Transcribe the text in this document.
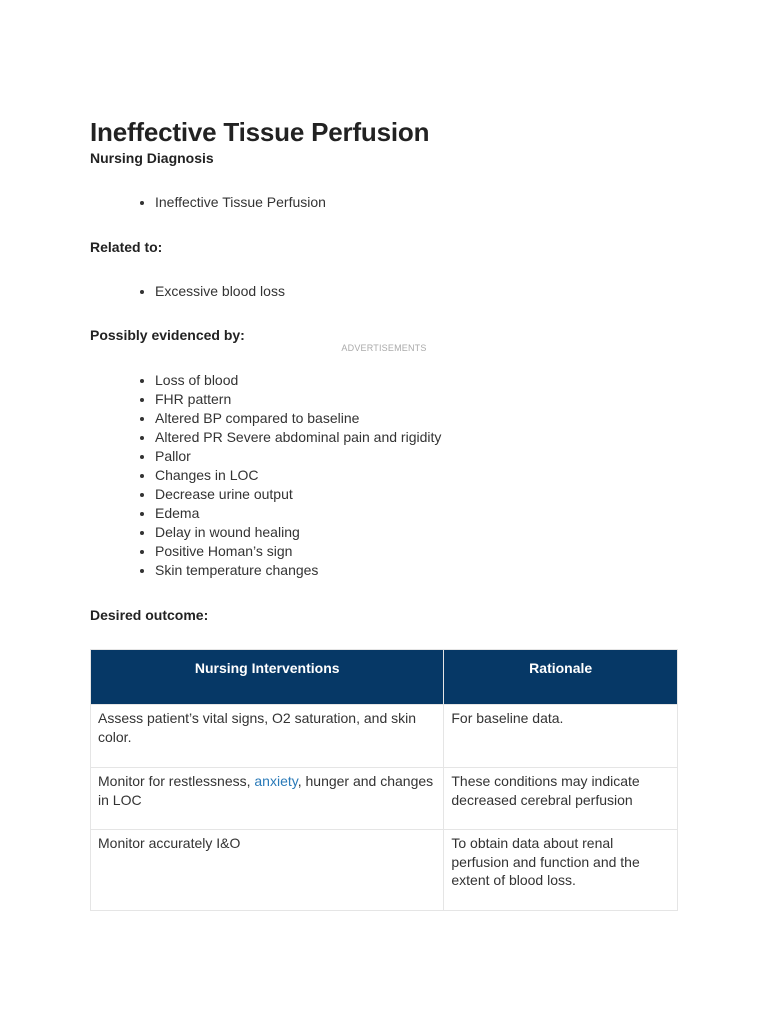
Ineffective Tissue Perfusion
Nursing Diagnosis
• Ineffective Tissue Perfusion
Related to:
• Excessive blood loss
Possibly evidenced by:
ADVERTISEMENTS
• Loss of blood
• FHR pattern
• Altered BP compared to baseline
• Altered PR Severe abdominal pain and rigidity
• Pallor
• Changes in LOC
• Decrease urine output
• Edema
• Delay in wound healing
• Positive Homan’s sign
• Skin temperature changes
Desired outcome:
Nursing Interventions	Rationale
Assess patient’s vital signs, O2 saturation, and skin color.	For baseline data.
Monitor for restlessness, anxiety, hunger and changes in LOC	These conditions may indicate decreased cerebral perfusion
Monitor accurately I&O	To obtain data about renal perfusion and function and the extent of blood loss.
